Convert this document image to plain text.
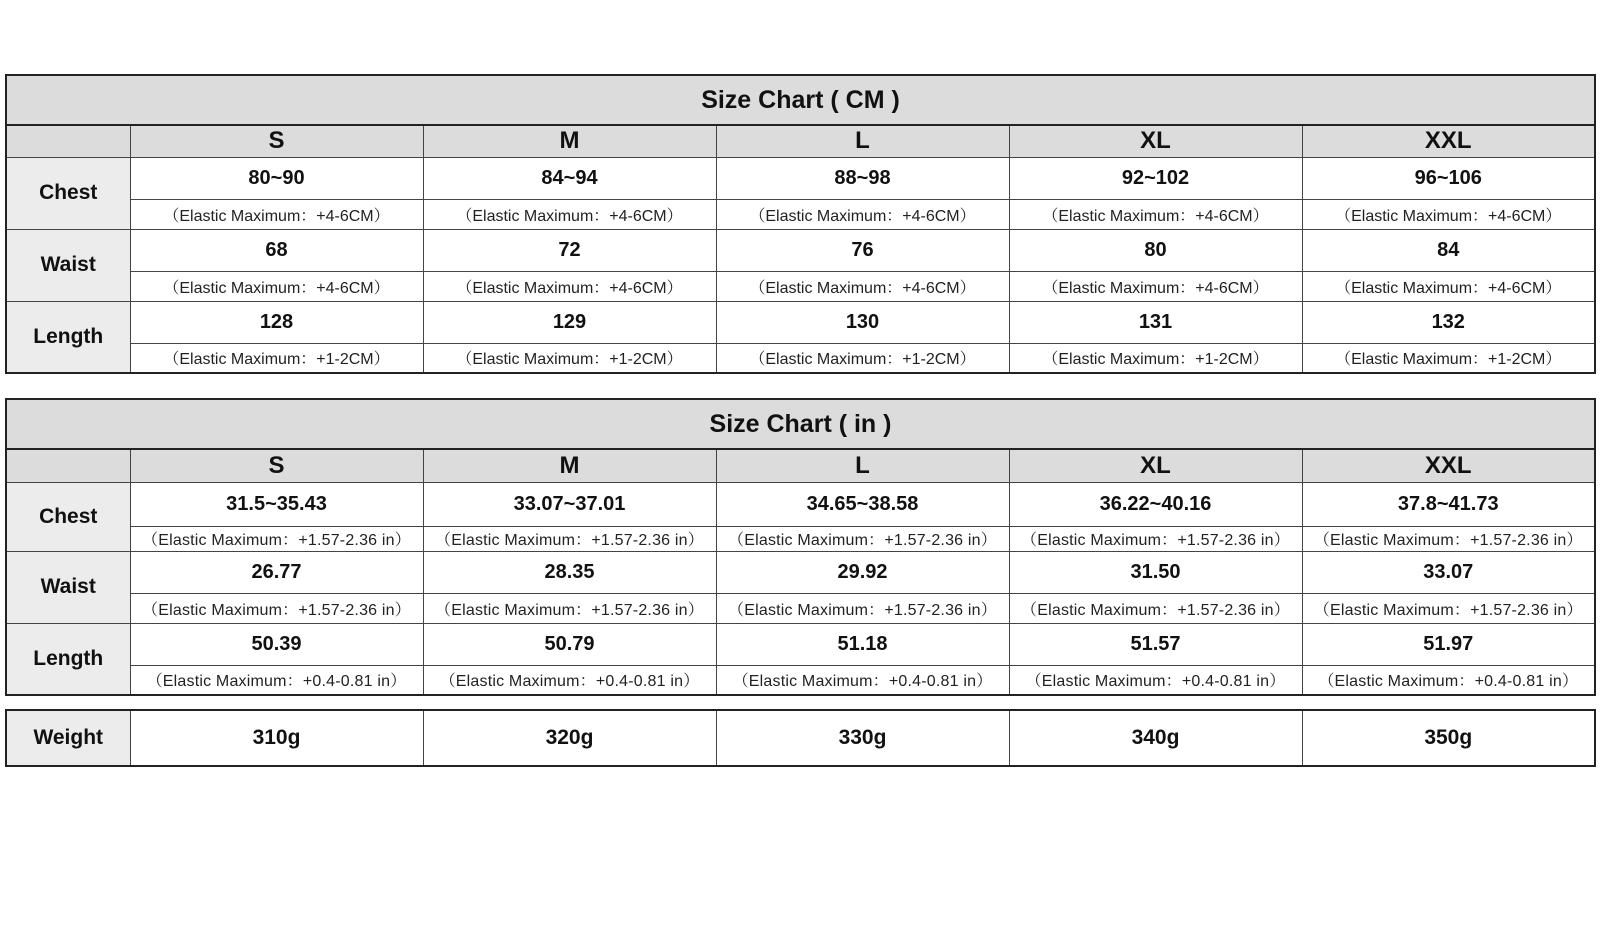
Size Chart ( CM )					
	S	M	L	XL	XXL
Chest	80~90	84~94	88~98	92~102	96~106
	（Elastic Maximum：+4-6CM）	（Elastic Maximum：+4-6CM）	（Elastic Maximum：+4-6CM）	（Elastic Maximum：+4-6CM）	（Elastic Maximum：+4-6CM）
Waist	68	72	76	80	84
	（Elastic Maximum：+4-6CM）	（Elastic Maximum：+4-6CM）	（Elastic Maximum：+4-6CM）	（Elastic Maximum：+4-6CM）	（Elastic Maximum：+4-6CM）
Length	128	129	130	131	132
	（Elastic Maximum：+1-2CM）	（Elastic Maximum：+1-2CM）	（Elastic Maximum：+1-2CM）	（Elastic Maximum：+1-2CM）	（Elastic Maximum：+1-2CM）
Size Chart ( in )					
	S	M	L	XL	XXL
Chest	31.5~35.43	33.07~37.01	34.65~38.58	36.22~40.16	37.8~41.73
	（Elastic Maximum：+1.57-2.36 in）	（Elastic Maximum：+1.57-2.36 in）	（Elastic Maximum：+1.57-2.36 in）	（Elastic Maximum：+1.57-2.36 in）	（Elastic Maximum：+1.57-2.36 in）
Waist	26.77	28.35	29.92	31.50	33.07
	（Elastic Maximum：+1.57-2.36 in）	（Elastic Maximum：+1.57-2.36 in）	（Elastic Maximum：+1.57-2.36 in）	（Elastic Maximum：+1.57-2.36 in）	（Elastic Maximum：+1.57-2.36 in）
Length	50.39	50.79	51.18	51.57	51.97
	（Elastic Maximum：+0.4-0.81 in）	（Elastic Maximum：+0.4-0.81 in）	（Elastic Maximum：+0.4-0.81 in）	（Elastic Maximum：+0.4-0.81 in）	（Elastic Maximum：+0.4-0.81 in）
Weight	310g	320g	330g	340g	350g
